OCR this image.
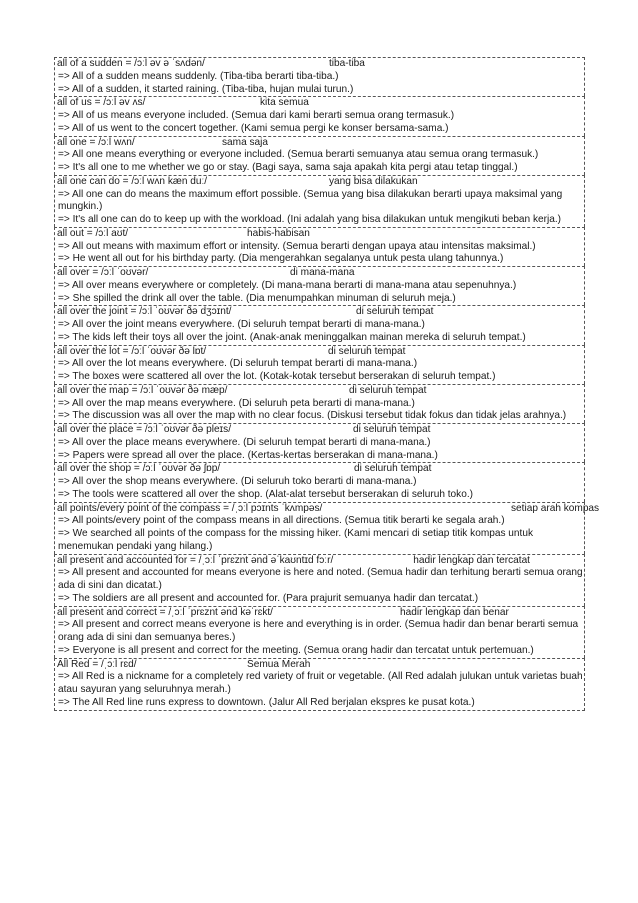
all of a sudden = /ɔːl əv ə ˈsʌdən/	tiba-tiba
=> All of a sudden means suddenly. (Tiba-tiba berarti tiba-tiba.)
=> All of a sudden, it started raining. (Tiba-tiba, hujan mulai turun.)
all of us = /ɔːl əv ʌs/	kita semua
=> All of us means everyone included. (Semua dari kami berarti semua orang termasuk.)
=> All of us went to the concert together. (Kami semua pergi ke konser bersama-sama.)
all one = /ɔːl wʌn/	sama saja
=> All one means everything or everyone included. (Semua berarti semuanya atau semua orang termasuk.)
=> It's all one to me whether we go or stay. (Bagi saya, sama saja apakah kita pergi atau tetap tinggal.)
all one can do = /ɔːl wʌn kæn duː/	yang bisa dilakukan
=> All one can do means the maximum effort possible. (Semua yang bisa dilakukan berarti upaya maksimal yang mungkin.)
=> It's all one can do to keep up with the workload. (Ini adalah yang bisa dilakukan untuk mengikuti beban kerja.)
all out = /ɔːl aʊt/	habis-habisan
=> All out means with maximum effort or intensity. (Semua berarti dengan upaya atau intensitas maksimal.)
=> He went all out for his birthday party. (Dia mengerahkan segalanya untuk pesta ulang tahunnya.)
all over = /ɔːl ˈoʊvər/	di mana-mana
=> All over means everywhere or completely. (Di mana-mana berarti di mana-mana atau sepenuhnya.)
=> She spilled the drink all over the table. (Dia menumpahkan minuman di seluruh meja.)
all over the joint = /ɔːl ˈoʊvər ðə dʒɔɪnt/	di seluruh tempat
=> All over the joint means everywhere. (Di seluruh tempat berarti di mana-mana.)
=> The kids left their toys all over the joint. (Anak-anak meninggalkan mainan mereka di seluruh tempat.)
all over the lot = /ɔːl ˈoʊvər ðə lɒt/	di seluruh tempat
=> All over the lot means everywhere. (Di seluruh tempat berarti di mana-mana.)
=> The boxes were scattered all over the lot. (Kotak-kotak tersebut berserakan di seluruh tempat.)
all over the map = /ɔːl ˈoʊvər ðə mæp/	di seluruh tempat
=> All over the map means everywhere. (Di seluruh peta berarti di mana-mana.)
=> The discussion was all over the map with no clear focus. (Diskusi tersebut tidak fokus dan tidak jelas arahnya.)
all over the place = /ɔːl ˈoʊvər ðə pleɪs/	di seluruh tempat
=> All over the place means everywhere. (Di seluruh tempat berarti di mana-mana.)
=> Papers were spread all over the place. (Kertas-kertas berserakan di mana-mana.)
all over the shop = /ɔːl ˈoʊvər ðə ʃɒp/	di seluruh tempat
=> All over the shop means everywhere. (Di seluruh toko berarti di mana-mana.)
=> The tools were scattered all over the shop. (Alat-alat tersebut berserakan di seluruh toko.)
all points/every point of the compass = /ˌɔːl pɔɪnts ˈkʌmpəs/	setiap arah kompas
=> All points/every point of the compass means in all directions. (Semua titik berarti ke segala arah.)
=> We searched all points of the compass for the missing hiker. (Kami mencari di setiap titik kompas untuk menemukan pendaki yang hilang.)
all present and accounted for = /ˌɔːl ˈprɛznt ənd əˈkaʊntɪd fɔːr/	hadir lengkap dan tercatat
=> All present and accounted for means everyone is here and noted. (Semua hadir dan terhitung berarti semua orang ada di sini dan dicatat.)
=> The soldiers are all present and accounted for. (Para prajurit semuanya hadir dan tercatat.)
all present and correct = /ˌɔːl ˈprɛznt ənd kəˈrɛkt/	hadir lengkap dan benar
=> All present and correct means everyone is here and everything is in order. (Semua hadir dan benar berarti semua orang ada di sini dan semuanya beres.)
=> Everyone is all present and correct for the meeting. (Semua orang hadir dan tercatat untuk pertemuan.)
All Red = /ˌɔːl rɛd/	Semua Merah
=> All Red is a nickname for a completely red variety of fruit or vegetable. (All Red adalah julukan untuk varietas buah atau sayuran yang seluruhnya merah.)
=> The All Red line runs express to downtown. (Jalur All Red berjalan ekspres ke pusat kota.)
